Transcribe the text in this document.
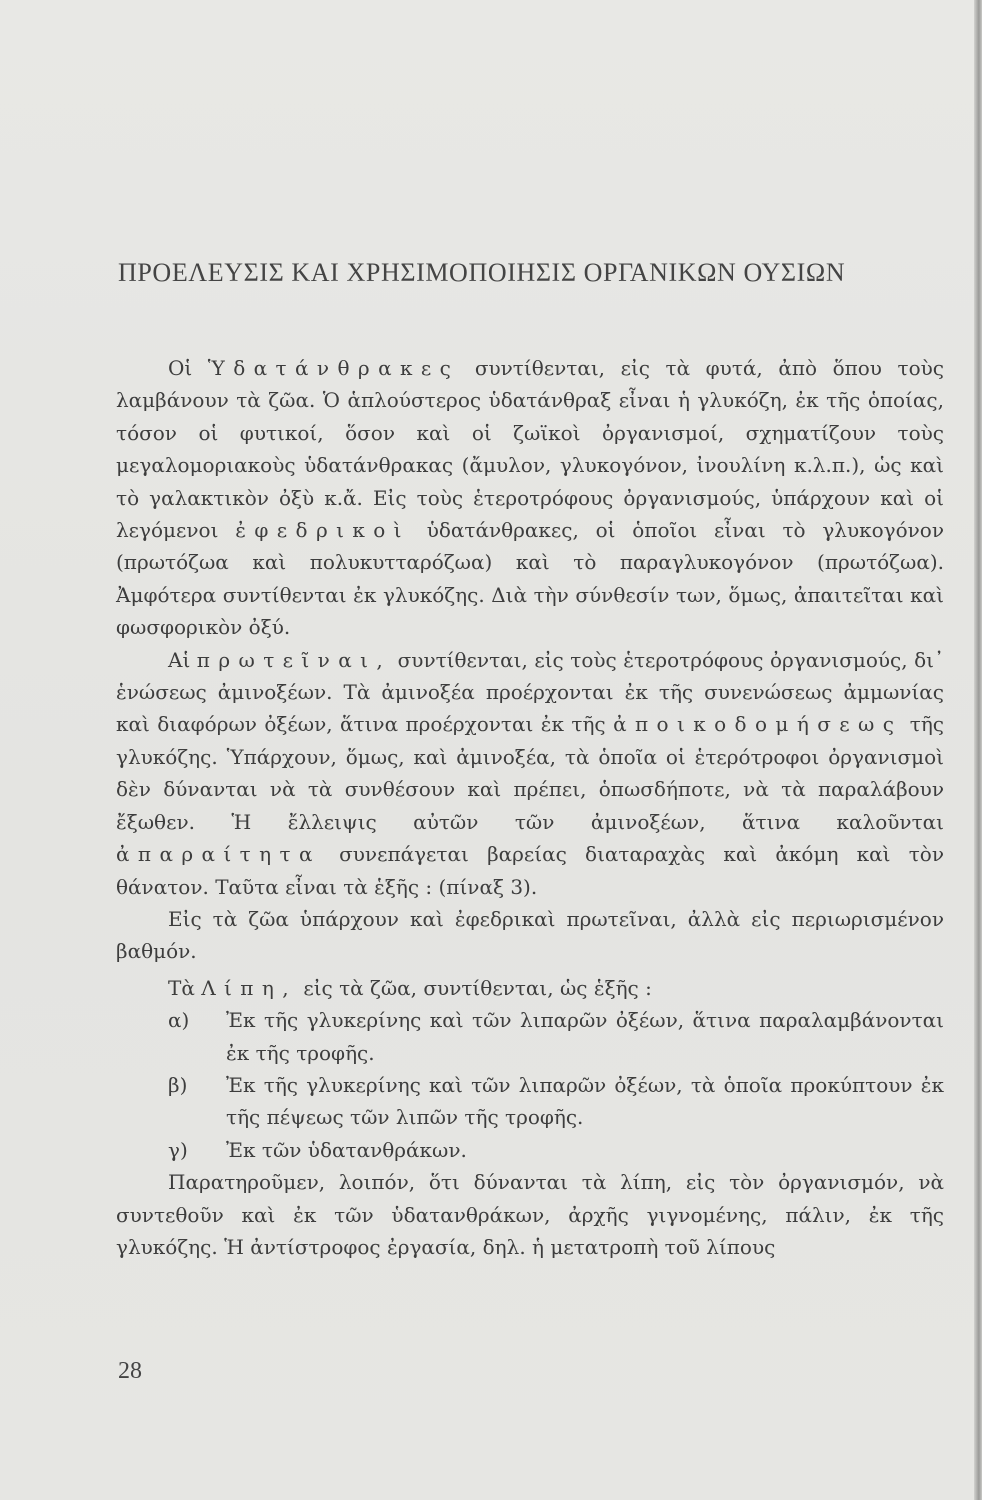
ΠΡΟΕΛΕΥΣΙΣ ΚΑΙ ΧΡΗΣΙΜΟΠΟΙΗΣΙΣ ΟΡΓΑΝΙΚΩΝ ΟΥΣΙΩΝ

Οἱ Ὑδατάνθρακες συντίθενται, εἰς τὰ φυτά, ἀπὸ ὅπου τοὺς λαμβάνουν τὰ ζῶα. Ὁ ἁπλούστερος ὑδατάνθραξ εἶναι ἡ γλυκόζη, ἐκ τῆς ὁποίας, τόσον οἱ φυτικοί, ὅσον καὶ οἱ ζωϊκοὶ ὀργανισμοί, σχηματίζουν τοὺς μεγαλομοριακοὺς ὑδατάνθρακας (ἄμυλον, γλυκογόνον, ἰνουλίνη κ.λ.π.), ὡς καὶ τὸ γαλακτικὸν ὀξὺ κ.ἄ. Εἰς τοὺς ἑτεροτρόφους ὀργανισμούς, ὑπάρχουν καὶ οἱ λεγόμενοι ἐφεδρικοὶ ὑδατάνθρακες, οἱ ὁποῖοι εἶναι τὸ γλυκογόνον (πρωτόζωα καὶ πολυκυτταρόζωα) καὶ τὸ παραγλυκογόνον (πρωτόζωα). Ἀμφότερα συντίθενται ἐκ γλυκόζης. Διὰ τὴν σύνθεσίν των, ὅμως, ἀπαιτεῖται καὶ φωσφορικὸν ὀξύ.

Αἱ πρωτεῖναι, συντίθενται, εἰς τοὺς ἑτεροτρόφους ὀργανισμούς, δι᾽ ἑνώσεως ἀμινοξέων. Τὰ ἀμινοξέα προέρχονται ἐκ τῆς συνενώσεως ἀμμωνίας καὶ διαφόρων ὀξέων, ἅτινα προέρχονται ἐκ τῆς ἀποικοδομήσεως τῆς γλυκόζης. Ὑπάρχουν, ὅμως, καὶ ἀμινοξέα, τὰ ὁποῖα οἱ ἑτερότροφοι ὀργανισμοὶ δὲν δύνανται νὰ τὰ συνθέσουν καὶ πρέπει, ὁπωσδήποτε, νὰ τὰ παραλάβουν ἔξωθεν. Ἡ ἔλλειψις αὐτῶν τῶν ἀμινοξέων, ἅτινα καλοῦνται ἀπαραίτητα συνεπάγεται βαρείας διαταραχὰς καὶ ἀκόμη καὶ τὸν θάνατον. Ταῦτα εἶναι τὰ ἑξῆς : (πίναξ 3).

Εἰς τὰ ζῶα ὑπάρχουν καὶ ἐφεδρικαὶ πρωτεῖναι, ἀλλὰ εἰς περιωρισμένον βαθμόν.

Τὰ Λίπη, εἰς τὰ ζῶα, συντίθενται, ὡς ἑξῆς :

α)	Ἐκ τῆς γλυκερίνης καὶ τῶν λιπαρῶν ὀξέων, ἅτινα παραλαμβάνονται ἐκ τῆς τροφῆς.
β)	Ἐκ τῆς γλυκερίνης καὶ τῶν λιπαρῶν ὀξέων, τὰ ὁποῖα προκύπτουν ἐκ τῆς πέψεως τῶν λιπῶν τῆς τροφῆς.
γ)	Ἐκ τῶν ὑδατανθράκων.

Παρατηροῦμεν, λοιπόν, ὅτι δύνανται τὰ λίπη, εἰς τὸν ὀργανισμόν, νὰ συντεθοῦν καὶ ἐκ τῶν ὑδατανθράκων, ἀρχῆς γιγνομένης, πάλιν, ἐκ τῆς γλυκόζης. Ἡ ἀντίστροφος ἐργασία, δηλ. ἡ μετατροπὴ τοῦ λίπους

28
